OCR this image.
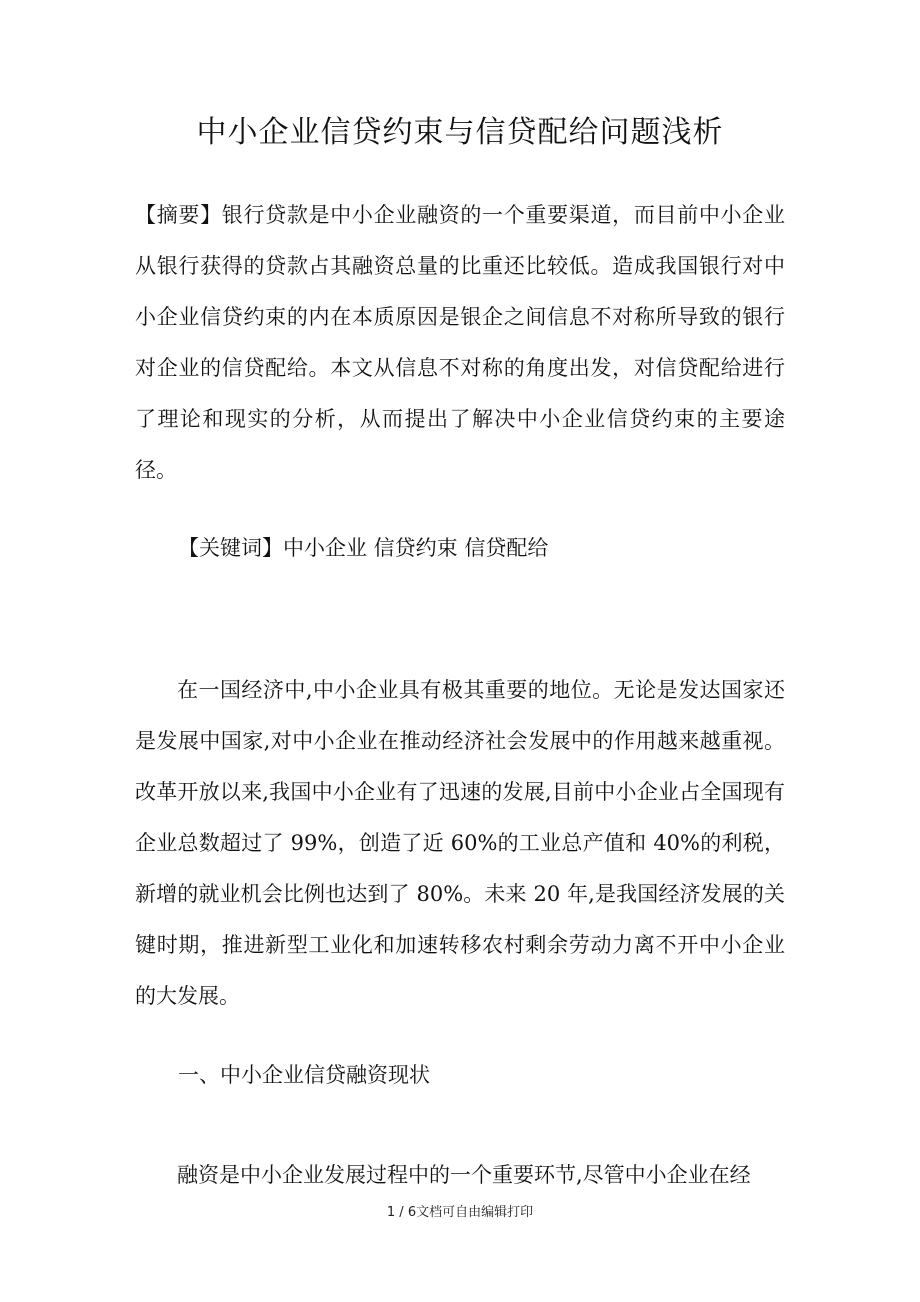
中小企业信贷约束与信贷配给问题浅析

【摘要】银行贷款是中小企业融资的一个重要渠道，而目前中小企业从银行获得的贷款占其融资总量的比重还比较低。造成我国银行对中小企业信贷约束的内在本质原因是银企之间信息不对称所导致的银行对企业的信贷配给。本文从信息不对称的角度出发，对信贷配给进行了理论和现实的分析，从而提出了解决中小企业信贷约束的主要途径。

【关键词】中小企业 信贷约束 信贷配给

在一国经济中,中小企业具有极其重要的地位。无论是发达国家还是发展中国家,对中小企业在推动经济社会发展中的作用越来越重视。改革开放以来,我国中小企业有了迅速的发展,目前中小企业占全国现有企业总数超过了 99%，创造了近 60%的工业总产值和 40%的利税，新增的就业机会比例也达到了 80%。未来 20 年,是我国经济发展的关键时期，推进新型工业化和加速转移农村剩余劳动力离不开中小企业的大发展。

一、中小企业信贷融资现状

融资是中小企业发展过程中的一个重要环节,尽管中小企业在经

1 / 6文档可自由编辑打印
